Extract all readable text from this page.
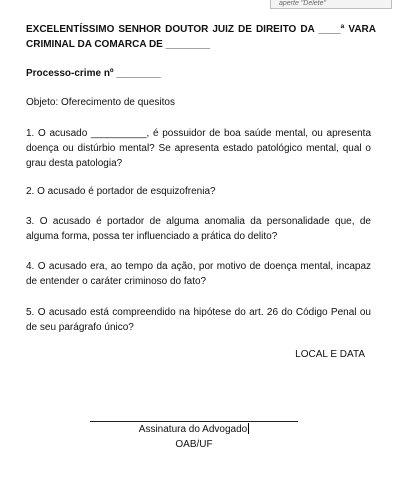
aperte "Delete"

EXCELENTÍSSIMO SENHOR DOUTOR JUIZ DE DIREITO DA ____ª VARA CRIMINAL DA COMARCA DE ________

Processo-crime nº ________

Objeto: Oferecimento de quesitos

1. O acusado __________, é possuidor de boa saúde mental, ou apresenta doença ou distúrbio mental? Se apresenta estado patológico mental, qual o grau desta patologia?

2. O acusado é portador de esquizofrenia?

3. O acusado é portador de alguma anomalia da personalidade que, de alguma forma, possa ter influenciado a prática do delito?

4. O acusado era, ao tempo da ação, por motivo de doença mental, incapaz de entender o caráter criminoso do fato?

5. O acusado está compreendido na hipótese do art. 26 do Código Penal ou de seu parágrafo único?

LOCAL E DATA
Assinatura do Advogado
OAB/UF
